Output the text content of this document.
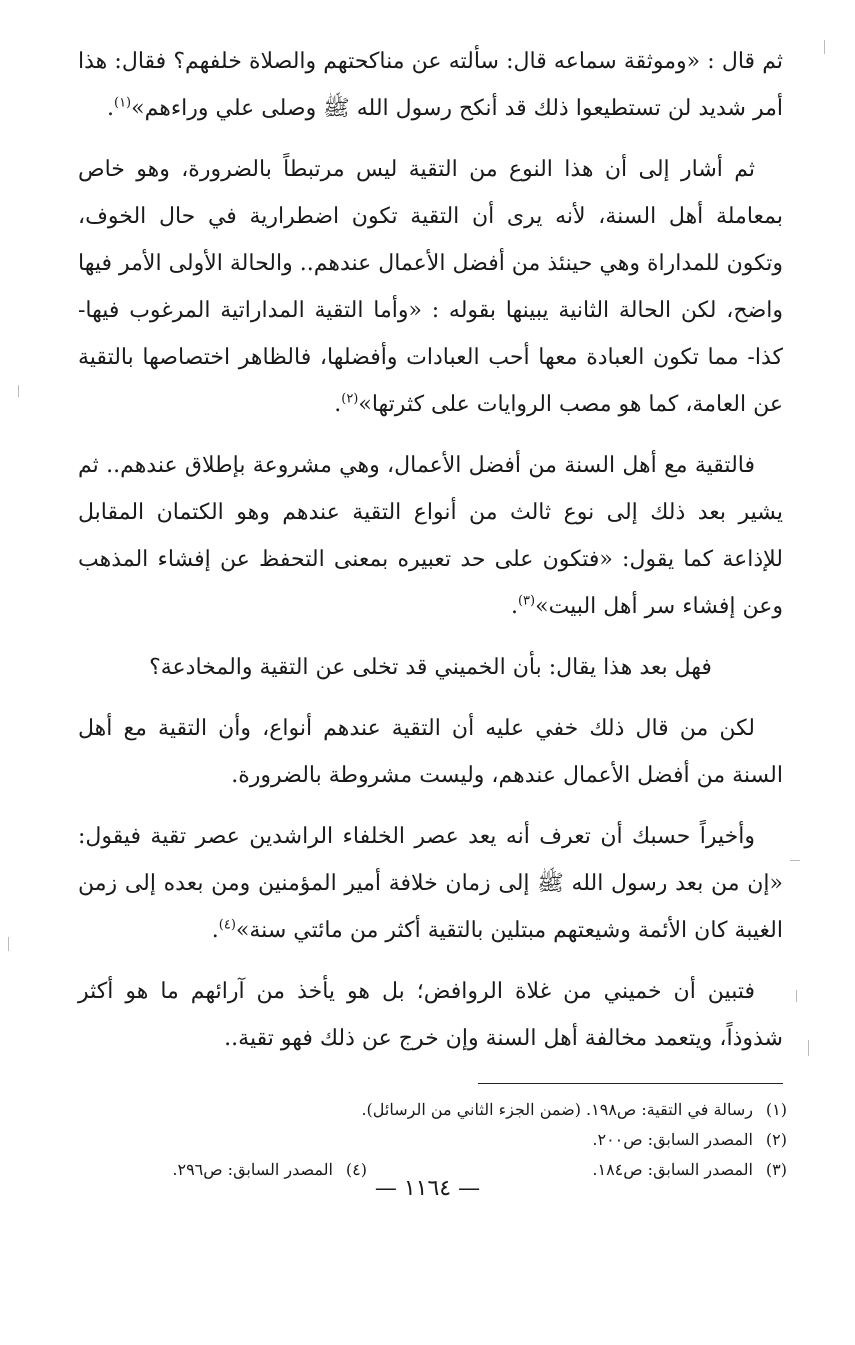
ثم قال : «وموثقة سماعه قال: سألته عن مناكحتهم والصلاة خلفهم؟ فقال: هذا أمر شديد لن تستطيعوا ذلك قد أنكح رسول الله ﷺ وصلى علي وراءهم»$^{(١)}$.

ثم أشار إلى أن هذا النوع من التقية ليس مرتبطاً بالضرورة، وهو خاص بمعاملة أهل السنة، لأنه يرى أن التقية تكون اضطرارية في حال الخوف، وتكون للمداراة وهي حينئذ من أفضل الأعمال عندهم.. والحالة الأولى الأمر فيها واضح، لكن الحالة الثانية يبينها بقوله : «وأما التقية المداراتية المرغوب فيها- كذا- مما تكون العبادة معها أحب العبادات وأفضلها، فالظاهر اختصاصها بالتقية عن العامة، كما هو مصب الروايات على كثرتها»$^{(٢)}$.

فالتقية مع أهل السنة من أفضل الأعمال، وهي مشروعة بإطلاق عندهم.. ثم يشير بعد ذلك إلى نوع ثالث من أنواع التقية عندهم وهو الكتمان المقابل للإذاعة كما يقول: «فتكون على حد تعبيره بمعنى التحفظ عن إفشاء المذهب وعن إفشاء سر أهل البيت»$^{(٣)}$.

فهل بعد هذا يقال: بأن الخميني قد تخلى عن التقية والمخادعة؟

لكن من قال ذلك خفي عليه أن التقية عندهم أنواع، وأن التقية مع أهل السنة من أفضل الأعمال عندهم، وليست مشروطة بالضرورة.

وأخيراً حسبك أن تعرف أنه يعد عصر الخلفاء الراشدين عصر تقية فيقول: «إن من بعد رسول الله ﷺ إلى زمان خلافة أمير المؤمنين ومن بعده إلى زمن الغيبة كان الأئمة وشيعتهم مبتلين بالتقية أكثر من مائتي سنة»$^{(٤)}$.

فتبين أن خميني من غلاة الروافض؛ بل هو يأخذ من آرائهم ما هو أكثر شذوذاً، ويتعمد مخالفة أهل السنة وإن خرج عن ذلك فهو تقية..

(١)
رسالة في التقية: ص١٩٨. (ضمن الجزء الثاني من الرسائل).
(٢)
المصدر السابق: ص٢٠٠.
(٣)
المصدر السابق: ص١٨٤.
(٤)
المصدر السابق: ص٢٩٦.
— ١١٦٤ —
